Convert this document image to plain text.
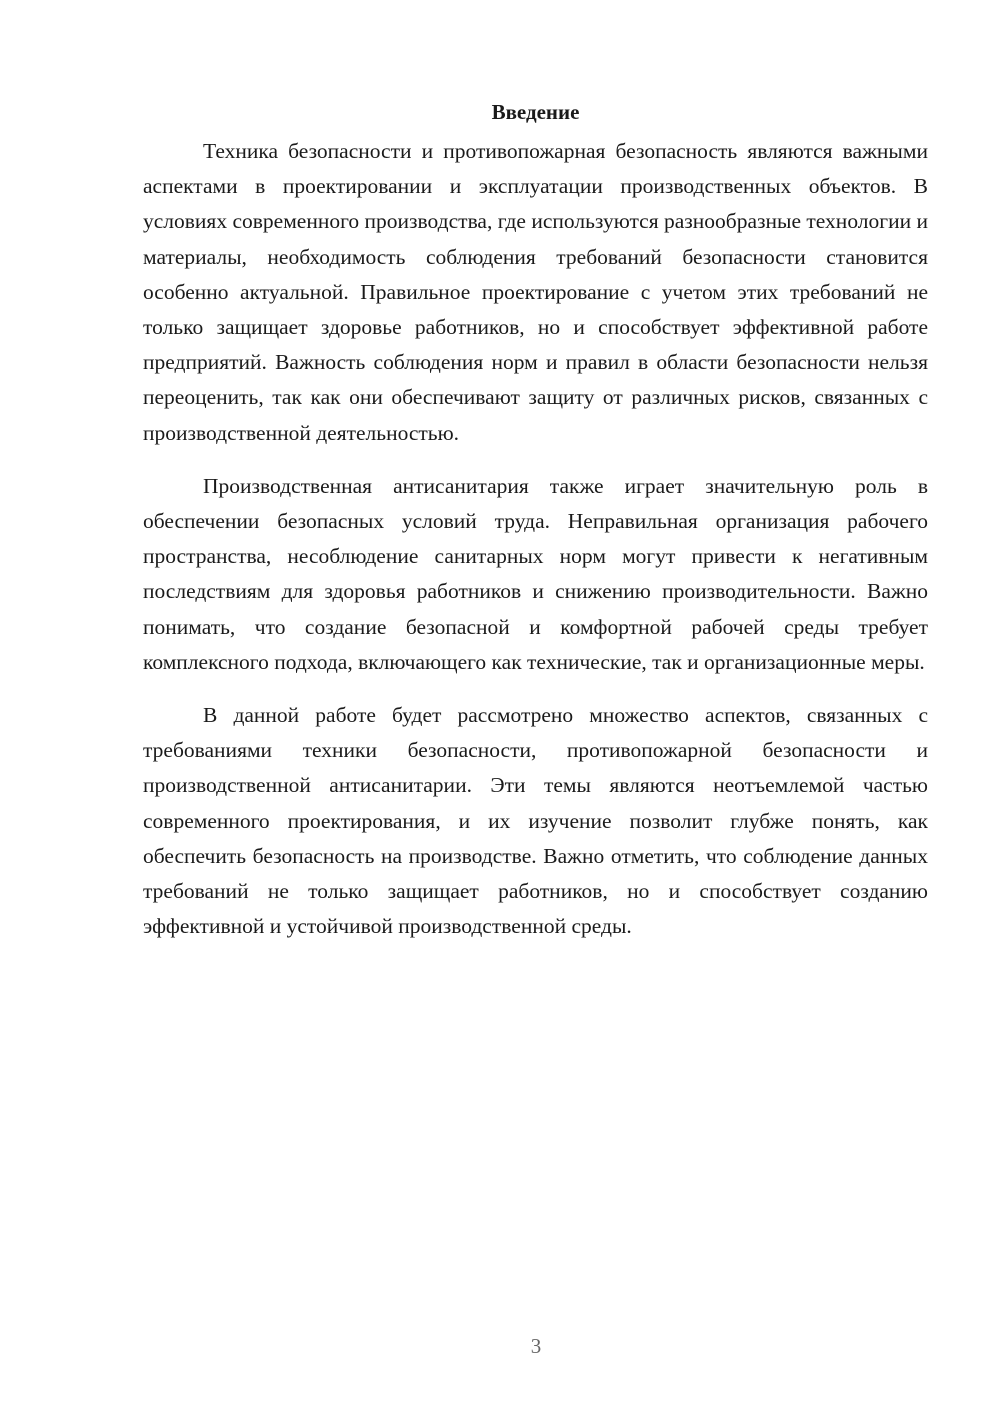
Введение

Техника безопасности и противопожарная безопасность являются важными аспектами в проектировании и эксплуатации производственных объектов. В условиях современного производства, где используются разнообразные технологии и материалы, необходимость соблюдения требований безопасности становится особенно актуальной. Правильное проектирование с учетом этих требований не только защищает здоровье работников, но и способствует эффективной работе предприятий. Важность соблюдения норм и правил в области безопасности нельзя переоценить, так как они обеспечивают защиту от различных рисков, связанных с производственной деятельностью.

Производственная антисанитария также играет значительную роль в обеспечении безопасных условий труда. Неправильная организация рабочего пространства, несоблюдение санитарных норм могут привести к негативным последствиям для здоровья работников и снижению производительности. Важно понимать, что создание безопасной и комфортной рабочей среды требует комплексного подхода, включающего как технические, так и организационные меры.

В данной работе будет рассмотрено множество аспектов, связанных с требованиями техники безопасности, противопожарной безопасности и производственной антисанитарии. Эти темы являются неотъемлемой частью современного проектирования, и их изучение позволит глубже понять, как обеспечить безопасность на производстве. Важно отметить, что соблюдение данных требований не только защищает работников, но и способствует созданию эффективной и устойчивой производственной среды.

3
